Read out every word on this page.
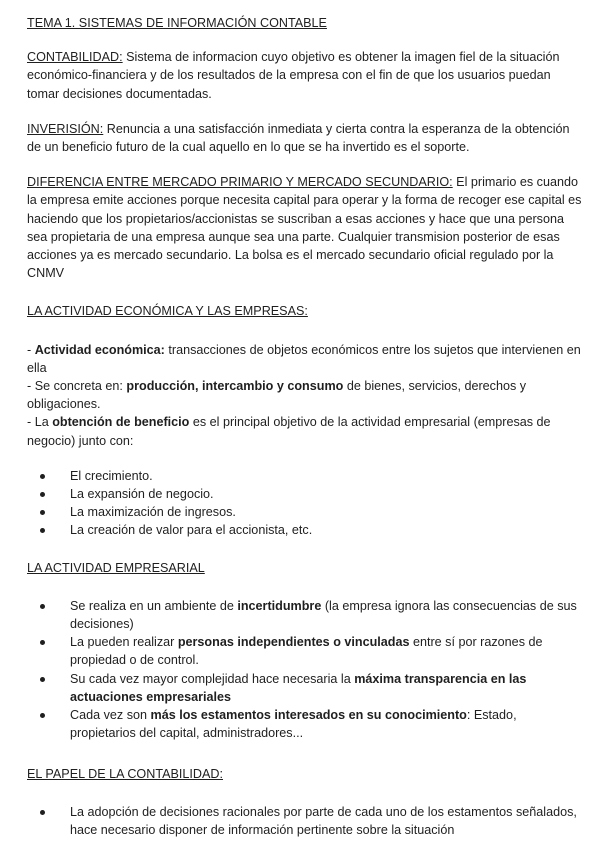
TEMA 1. SISTEMAS DE INFORMACIÓN CONTABLE

CONTABILIDAD: Sistema de informacion cuyo objetivo es obtener la imagen fiel de la situación económico-financiera y de los resultados de la empresa con el fin de que los usuarios puedan tomar decisiones documentadas.

INVERISIÓN: Renuncia a una satisfacción inmediata y cierta contra la esperanza de la obtención de un beneficio futuro de la cual aquello en lo que se ha invertido es el soporte.

DIFERENCIA ENTRE MERCADO PRIMARIO Y MERCADO SECUNDARIO: El primario es cuando la empresa emite acciones porque necesita capital para operar y la forma de recoger ese capital es haciendo que los propietarios/accionistas se suscriban a esas acciones y hace que una persona sea propietaria de una empresa aunque sea una parte. Cualquier transmision posterior de esas acciones ya es mercado secundario. La bolsa es el mercado secundario oficial regulado por la CNMV

LA ACTIVIDAD ECONÓMICA Y LAS EMPRESAS:

- Actividad económica: transacciones de objetos económicos entre los sujetos que intervienen en ella

- Se concreta en: producción, intercambio y consumo de bienes, servicios, derechos y obligaciones.

- La obtención de beneficio es el principal objetivo de la actividad empresarial (empresas de negocio) junto con:

El crecimiento.
La expansión de negocio.
La maximización de ingresos.
La creación de valor para el accionista, etc.
LA ACTIVIDAD EMPRESARIAL
Se realiza en un ambiente de incertidumbre (la empresa ignora las consecuencias de sus decisiones)
La pueden realizar personas independientes o vinculadas entre sí por razones de propiedad o de control.
Su cada vez mayor complejidad hace necesaria la máxima transparencia en las actuaciones empresariales
Cada vez son más los estamentos interesados en su conocimiento: Estado, propietarios del capital, administradores...
EL PAPEL DE LA CONTABILIDAD:
La adopción de decisiones racionales por parte de cada uno de los estamentos señalados, hace necesario disponer de información pertinente sobre la situación
